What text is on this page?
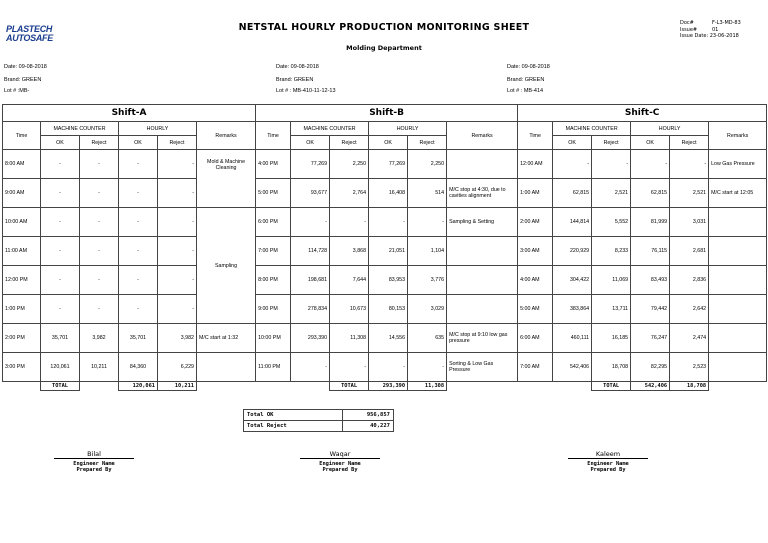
PLASTECH
AUTOSAFE
NETSTAL HOURLY PRODUCTION MONITORING SHEET
Molding Department
Doc#	F-L3-MD-83
Issue#	01
Issue Date: 23-06-2018
Date: 09-08-2018
Brand: GREEN
Lot # :MB-
Date: 09-08-2018
Brand: GREEN
Lot # : MB-410-11-12-13
Date: 09-08-2018
Brand: GREEN
Lot # : MB-414
Shift-A						Shift-B						Shift-C					
Time	MACHINE COUNTER		HOURLY		Remarks	Time	MACHINE COUNTER		HOURLY		Remarks	Time	MACHINE COUNTER		HOURLY		Remarks
	OK	Reject	OK	Reject			OK	Reject	OK	Reject			OK	Reject	OK	Reject	
8:00 AM	-	-	-	-	Mold & Machine Cleaning	4:00 PM	77,269	2,250	77,269	2,250		12:00 AM	-	-	-	-	Low Gas Pressure
9:00 AM	-	-	-	-		5:00 PM	93,677	2,764	16,408	514	M/C stop at 4:30, due to cavities alignment	1:00 AM	62,815	2,521	62,815	2,521	M/C start at 12:05
10:00 AM	-	-	-	-	Sampling	6:00 PM	-	-	-	-	Sampling & Setting	2:00 AM	144,814	5,552	81,999	3,031	
11:00 AM	-	-	-	-		7:00 PM	114,728	3,868	21,051	1,104		3:00 AM	220,929	8,233	76,115	2,681	
12:00 PM	-	-	-	-		8:00 PM	198,681	7,644	83,953	3,776		4:00 AM	304,422	11,069	83,493	2,836	
1:00 PM	-	-	-	-		9:00 PM	278,834	10,673	80,153	3,029		5:00 AM	383,864	13,711	79,442	2,642	
2:00 PM	35,701	3,982	35,701	3,982	M/C start at 1:32	10:00 PM	293,390	11,308	14,556	635	M/C stop at 9:10 low gas pressure	6:00 AM	460,111	16,185	76,247	2,474	
3:00 PM	120,061	10,211	84,360	6,229		11:00 PM	-	-	-	-	Sorting & Low Gas Pressure	7:00 AM	542,406	18,708	82,295	2,523	
	TOTAL		120,061	10,211				TOTAL	293,390	11,308				TOTAL	542,406	18,708	
Total OK	956,857
Total Reject	40,227
Bilal
Engineer Name
Prepared By
Waqar
Engineer Name
Prepared By
Kaleem
Engineer Name
Prepared By
